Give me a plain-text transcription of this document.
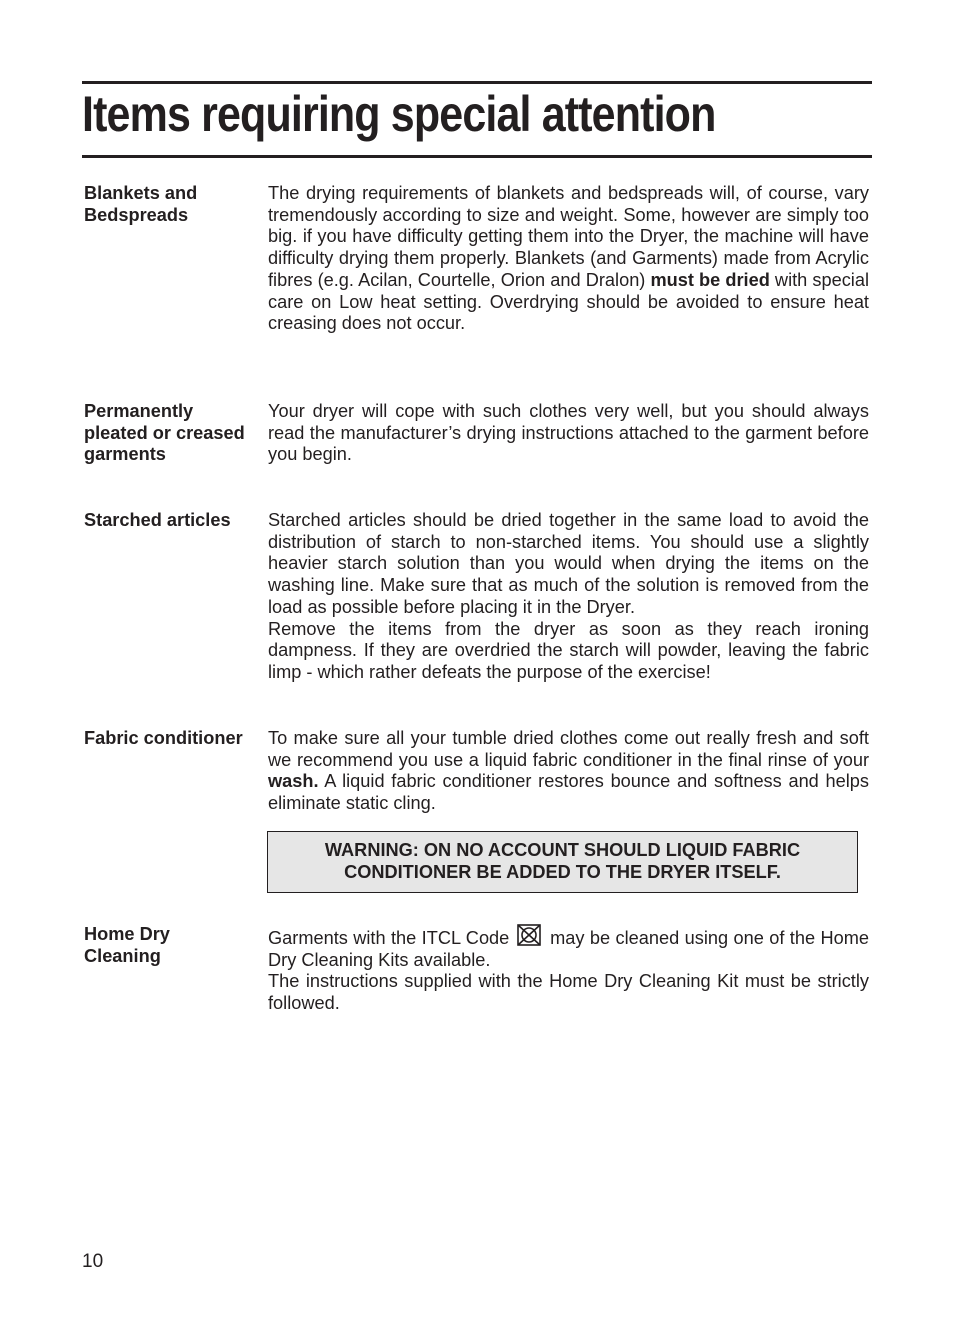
Items requiring special attention
Blankets and
Bedspreads
The drying requirements of blankets and bedspreads will, of course, vary tremendously according to size and weight. Some, however are simply too big. if you have difficulty getting them into the Dryer, the machine will have difficulty drying them properly. Blankets (and Garments) made from Acrylic fibres (e.g. Acilan, Courtelle, Orion and Dralon) must be dried with special care on Low heat setting. Overdrying should be avoided to ensure heat creasing does not occur.
Permanently
pleated or creased
garments
Your dryer will cope with such clothes very well, but you should always read the manufacturer’s drying instructions attached to the garment before you begin.
Starched articles	Starched articles should be dried together in the same load to avoid the distribution of starch to non-starched items. You should use a slightly heavier starch solution than you would when drying the items on the washing line. Make sure that as much of the solution is removed from the load as possible before placing it in the Dryer.

Remove the items from the dryer as soon as they reach ironing dampness. If they are overdried the starch will powder, leaving the fabric limp - which rather defeats the purpose of the exercise!

Fabric conditioner	To make sure all your tumble dried clothes come out really fresh and soft we recommend you use a liquid fabric conditioner in the final rinse of your wash. A liquid fabric conditioner restores bounce and softness and helps eliminate static cling.
WARNING: ON NO ACCOUNT SHOULD LIQUID FABRIC
CONDITIONER BE ADDED TO THE DRYER ITSELF.
Home Dry
Cleaning

Garments with the ITCL Code may be cleaned using one of the Home Dry Cleaning Kits available.

The instructions supplied with the Home Dry Cleaning Kit must be strictly followed.

10
